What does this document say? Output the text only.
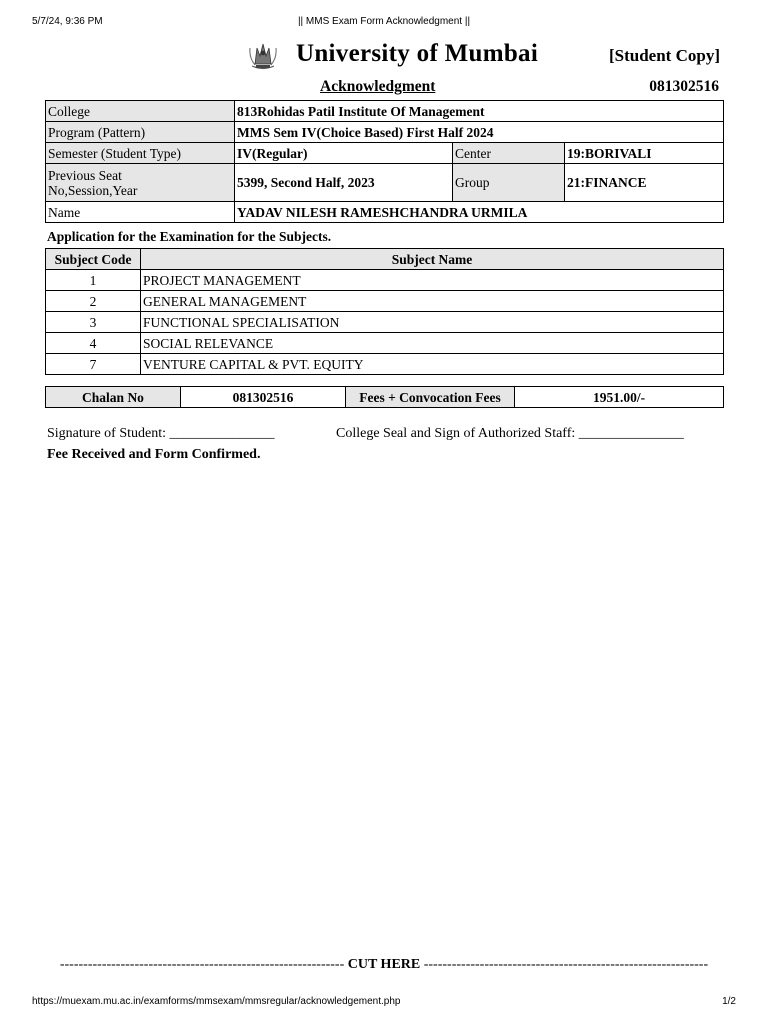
5/7/24, 9:36 PM	|| MMS Exam Form Acknowledgment ||
University of Mumbai	[Student Copy]
Acknowledgment	081302516
College	813Rohidas Patil Institute Of Management		
Program (Pattern)	MMS Sem IV(Choice Based) First Half 2024		
Semester (Student Type)	IV(Regular)	Center	19:BORIVALI
Previous Seat
No,Session,Year	5399, Second Half, 2023	Group	21:FINANCE
Name	YADAV NILESH RAMESHCHANDRA URMILA		
Application for the Examination for the Subjects.
Subject Code	Subject Name
1	PROJECT MANAGEMENT
2	GENERAL MANAGEMENT
3	FUNCTIONAL SPECIALISATION
4	SOCIAL RELEVANCE
7	VENTURE CAPITAL & PVT. EQUITY
Chalan No	081302516	Fees + Convocation Fees	1951.00/-
Signature of Student: _______________	College Seal and Sign of Authorized Staff: _______________
Fee Received and Form Confirmed.
------------------------------------------------------------- CUT HERE -------------------------------------------------------------
https://muexam.mu.ac.in/examforms/mmsexam/mmsregular/acknowledgement.php	1/2
